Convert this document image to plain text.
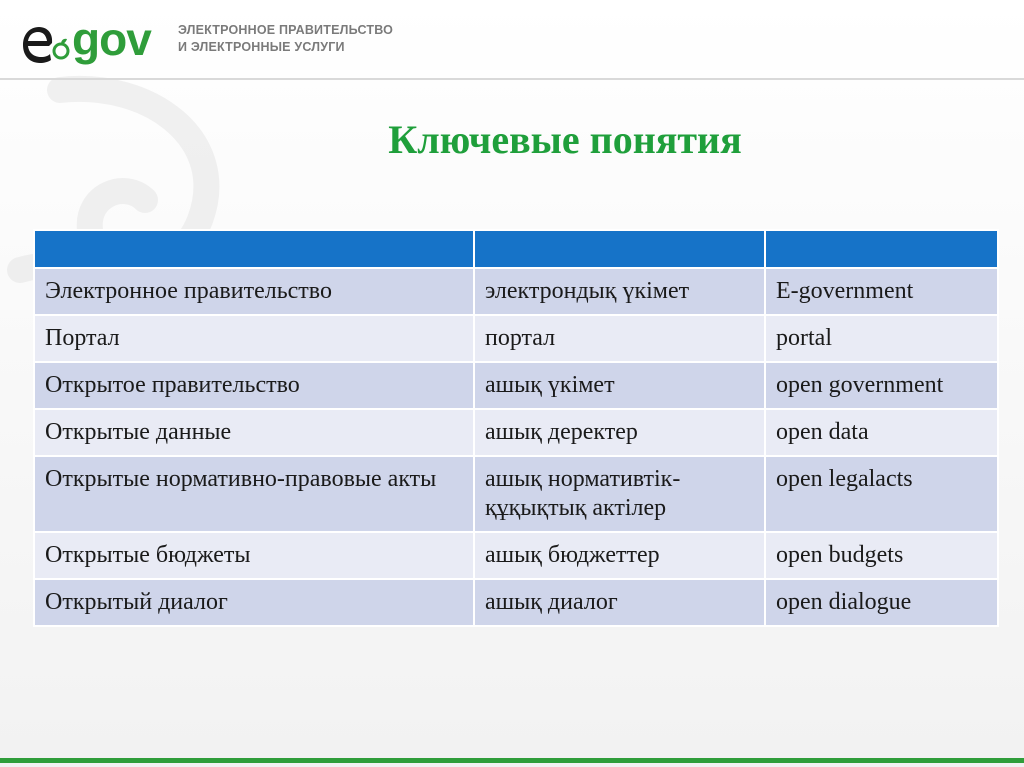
gov ЭЛЕКТРОННОЕ ПРАВИТЕЛЬСТВО
И ЭЛЕКТРОННЫЕ УСЛУГИ
Ключевые понятия

Электронное правительство	электрондық үкімет	E-government
Портал	портал	portal
Открытое правительство	ашық үкімет	open government
Открытые данные	ашық деректер	open data
Открытые нормативно-правовые акты	ашық нормативтік-құқықтық актілер	open legalacts
Открытые бюджеты	ашық бюджеттер	open budgets
Открытый диалог	ашық диалог	open dialogue
